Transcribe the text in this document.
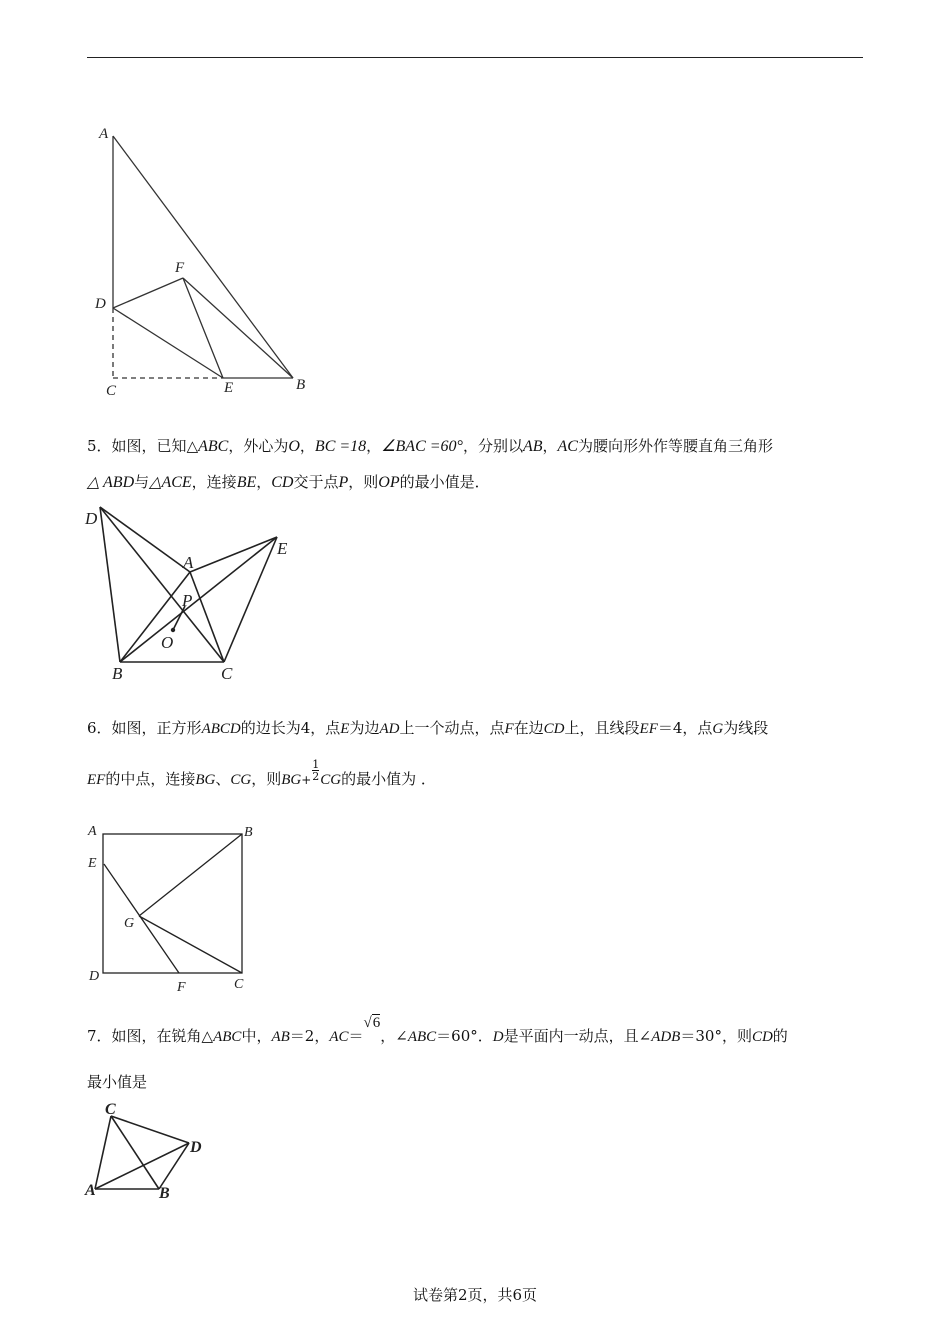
A
F
D
C	E	B
5．如图，已知△ABC，外心为O，BC =18，∠BAC =60°，分别以AB，AC为腰向形外作等腰直角三角形
△ ABD与△ACE，连接BE，CD交于点P，则OP的最小值是．
D
E
A
P
O
B	C
6．如图，正方形ABCD的边长为4，点E为边AD上一个动点，点F在边CD上，且线段EF＝4，点G为线段
EF的中点，连接BG、CG，则$BG+ \frac{1}{2}$ CG的最小值为 ．
A	B
E
G
D
F	C
7．如图，在锐角△ABC中，AB＝2，AC＝√6，∠ABC＝60°．D是平面内一动点，且∠ADB＝30°，则CD的
最小值是
C
D
A	B
试卷第2页，共6页
